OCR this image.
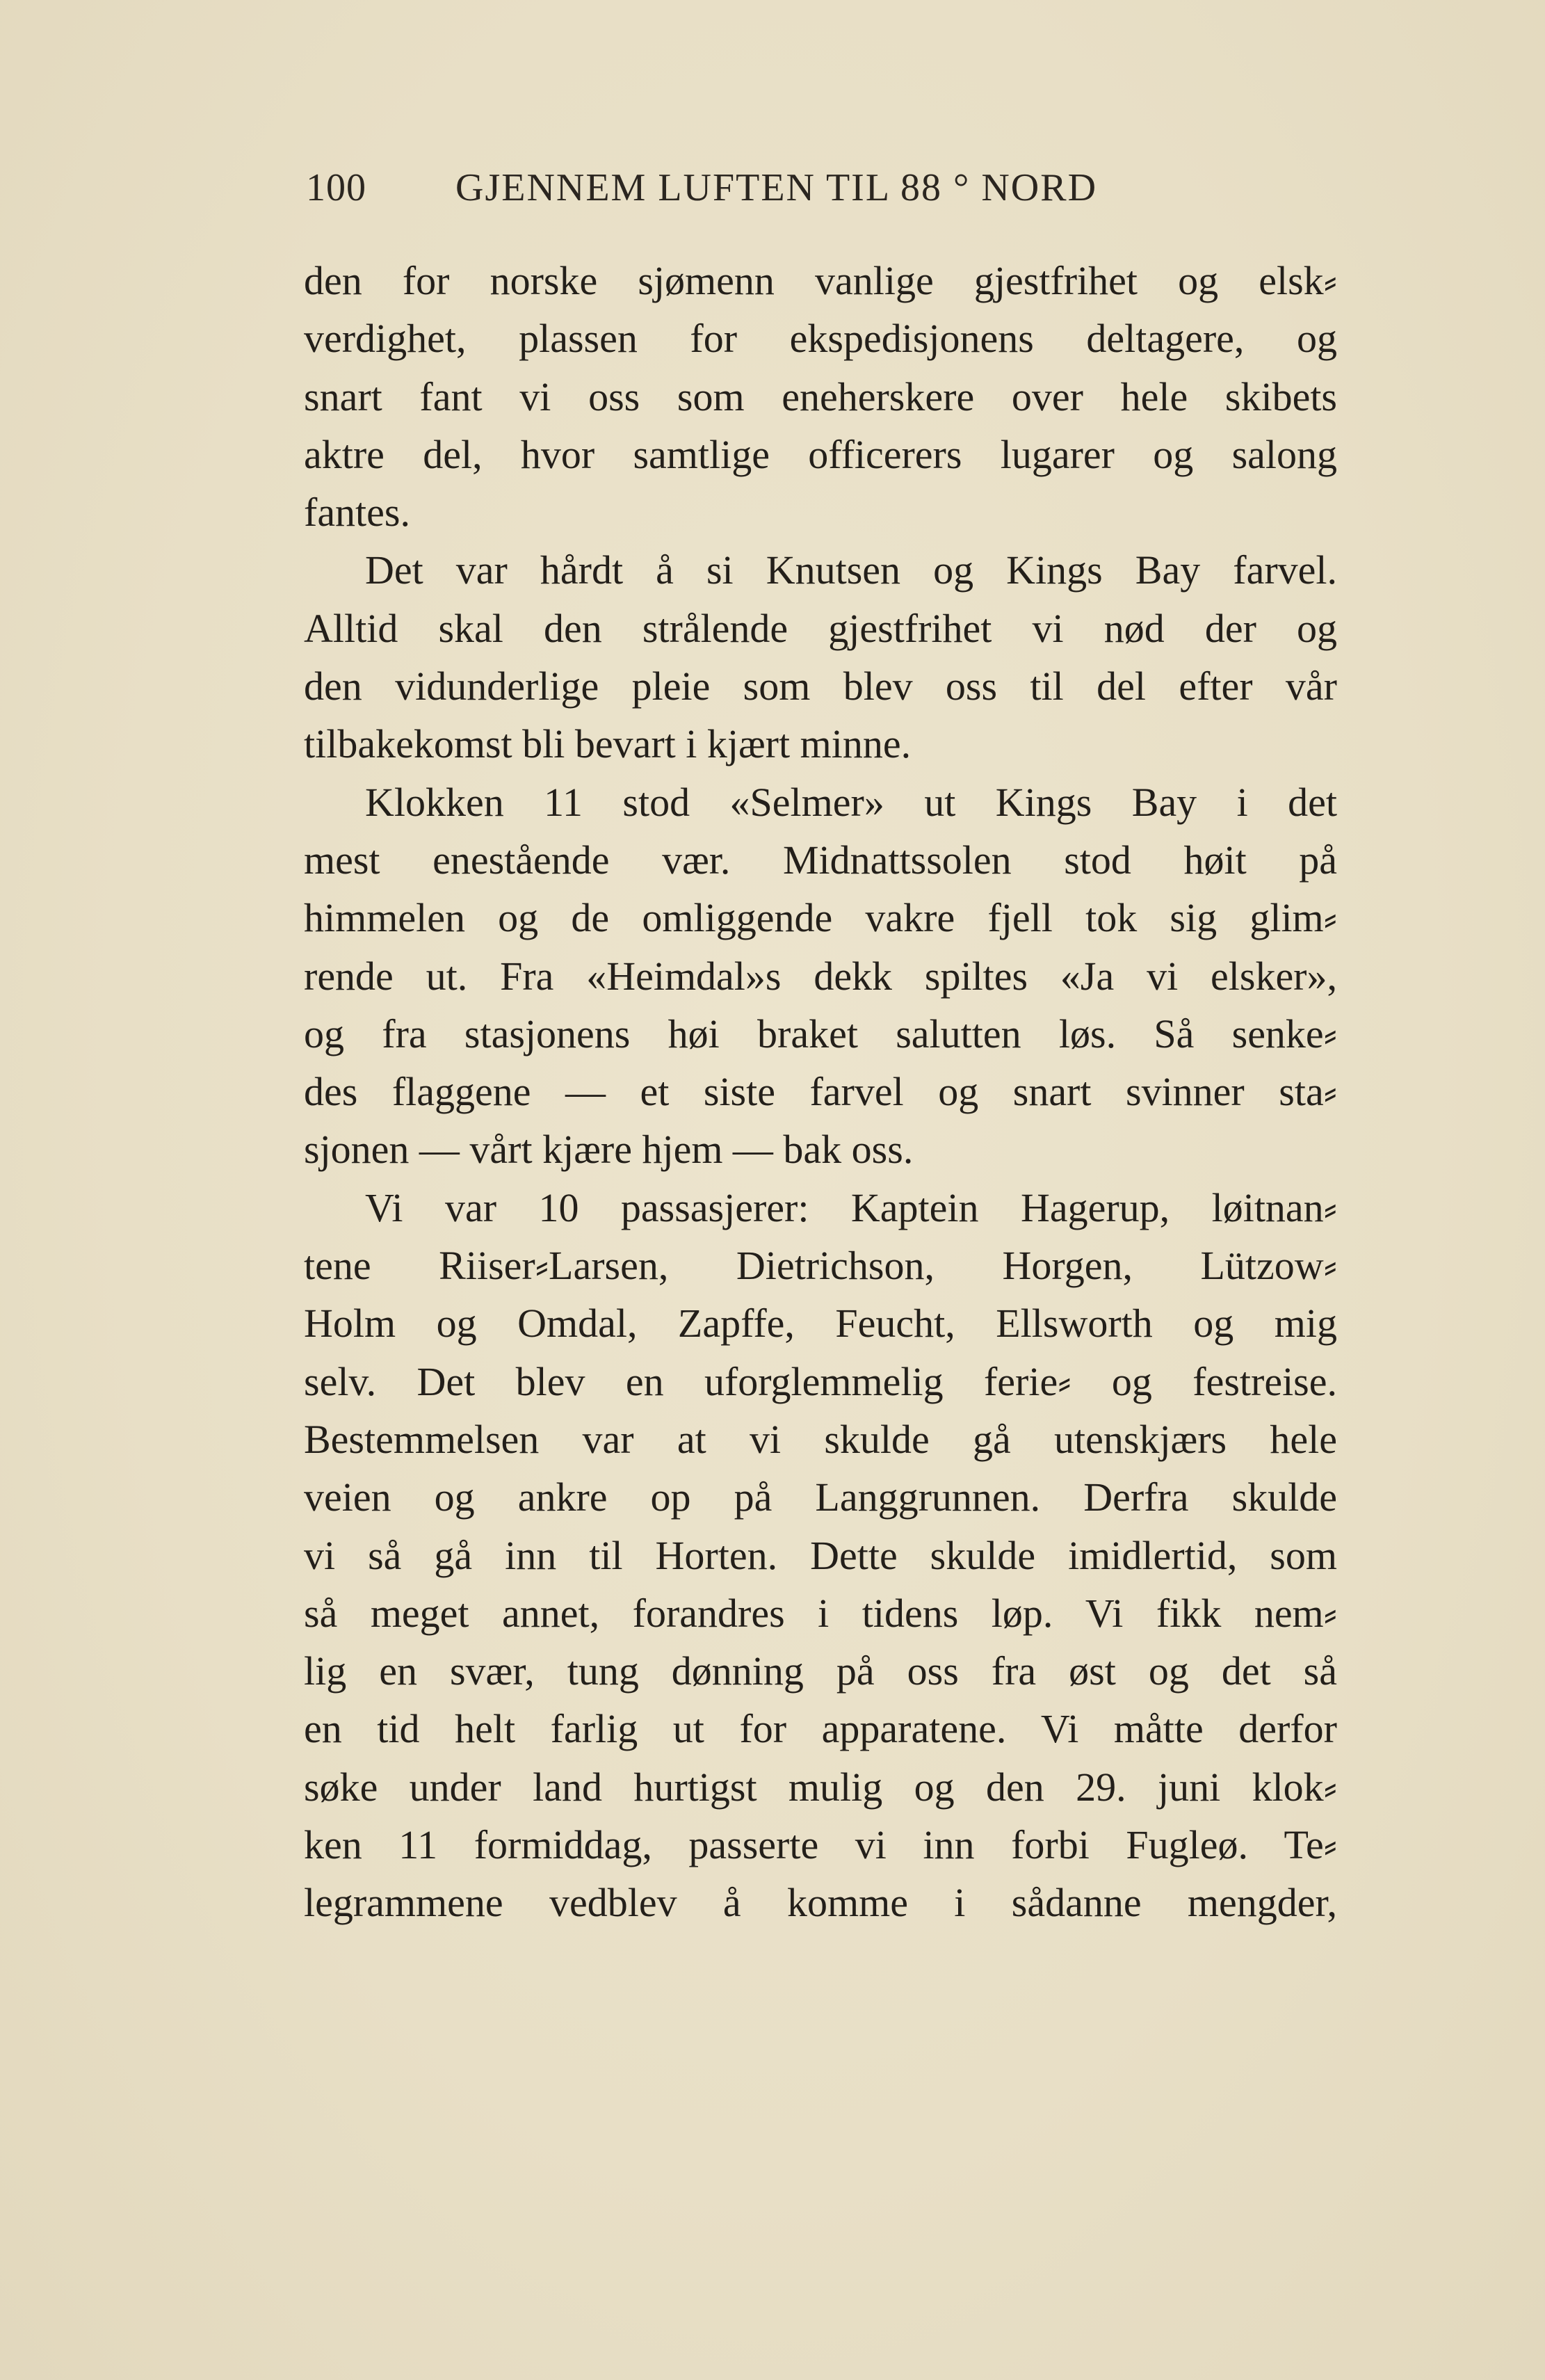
100 GJENNEM LUFTEN TIL 88 ° NORD
den for norske sjømenn vanlige gjestfrihet og elsk⸗
verdighet, plassen for ekspedisjonens deltagere, og
snart fant vi oss som eneherskere over hele skibets
aktre del, hvor samtlige officerers lugarer og salong
fantes.
Det var hårdt å si Knutsen og Kings Bay farvel.
Alltid skal den strålende gjestfrihet vi nød der og
den vidunderlige pleie som blev oss til del efter vår
tilbakekomst bli bevart i kjært minne.
Klokken 11 stod «Selmer» ut Kings Bay i det
mest enestående vær. Midnattssolen stod høit på
himmelen og de omliggende vakre fjell tok sig glim⸗
rende ut. Fra «Heimdal»s dekk spiltes «Ja vi elsker»,
og fra stasjonens høi braket salutten løs. Så senke⸗
des flaggene — et siste farvel og snart svinner sta⸗
sjonen — vårt kjære hjem — bak oss.
Vi var 10 passasjerer: Kaptein Hagerup, løitnan⸗
tene Riiser⸗Larsen, Dietrichson, Horgen, Lützow⸗
Holm og Omdal, Zapffe, Feucht, Ellsworth og mig
selv. Det blev en uforglemmelig ferie⸗ og festreise.
Bestemmelsen var at vi skulde gå utenskjærs hele
veien og ankre op på Langgrunnen. Derfra skulde
vi så gå inn til Horten. Dette skulde imidlertid, som
så meget annet, forandres i tidens løp. Vi fikk nem⸗
lig en svær, tung dønning på oss fra øst og det så
en tid helt farlig ut for apparatene. Vi måtte derfor
søke under land hurtigst mulig og den 29. juni klok⸗
ken 11 formiddag, passerte vi inn forbi Fugleø. Te⸗
legrammene vedblev å komme i sådanne mengder,
